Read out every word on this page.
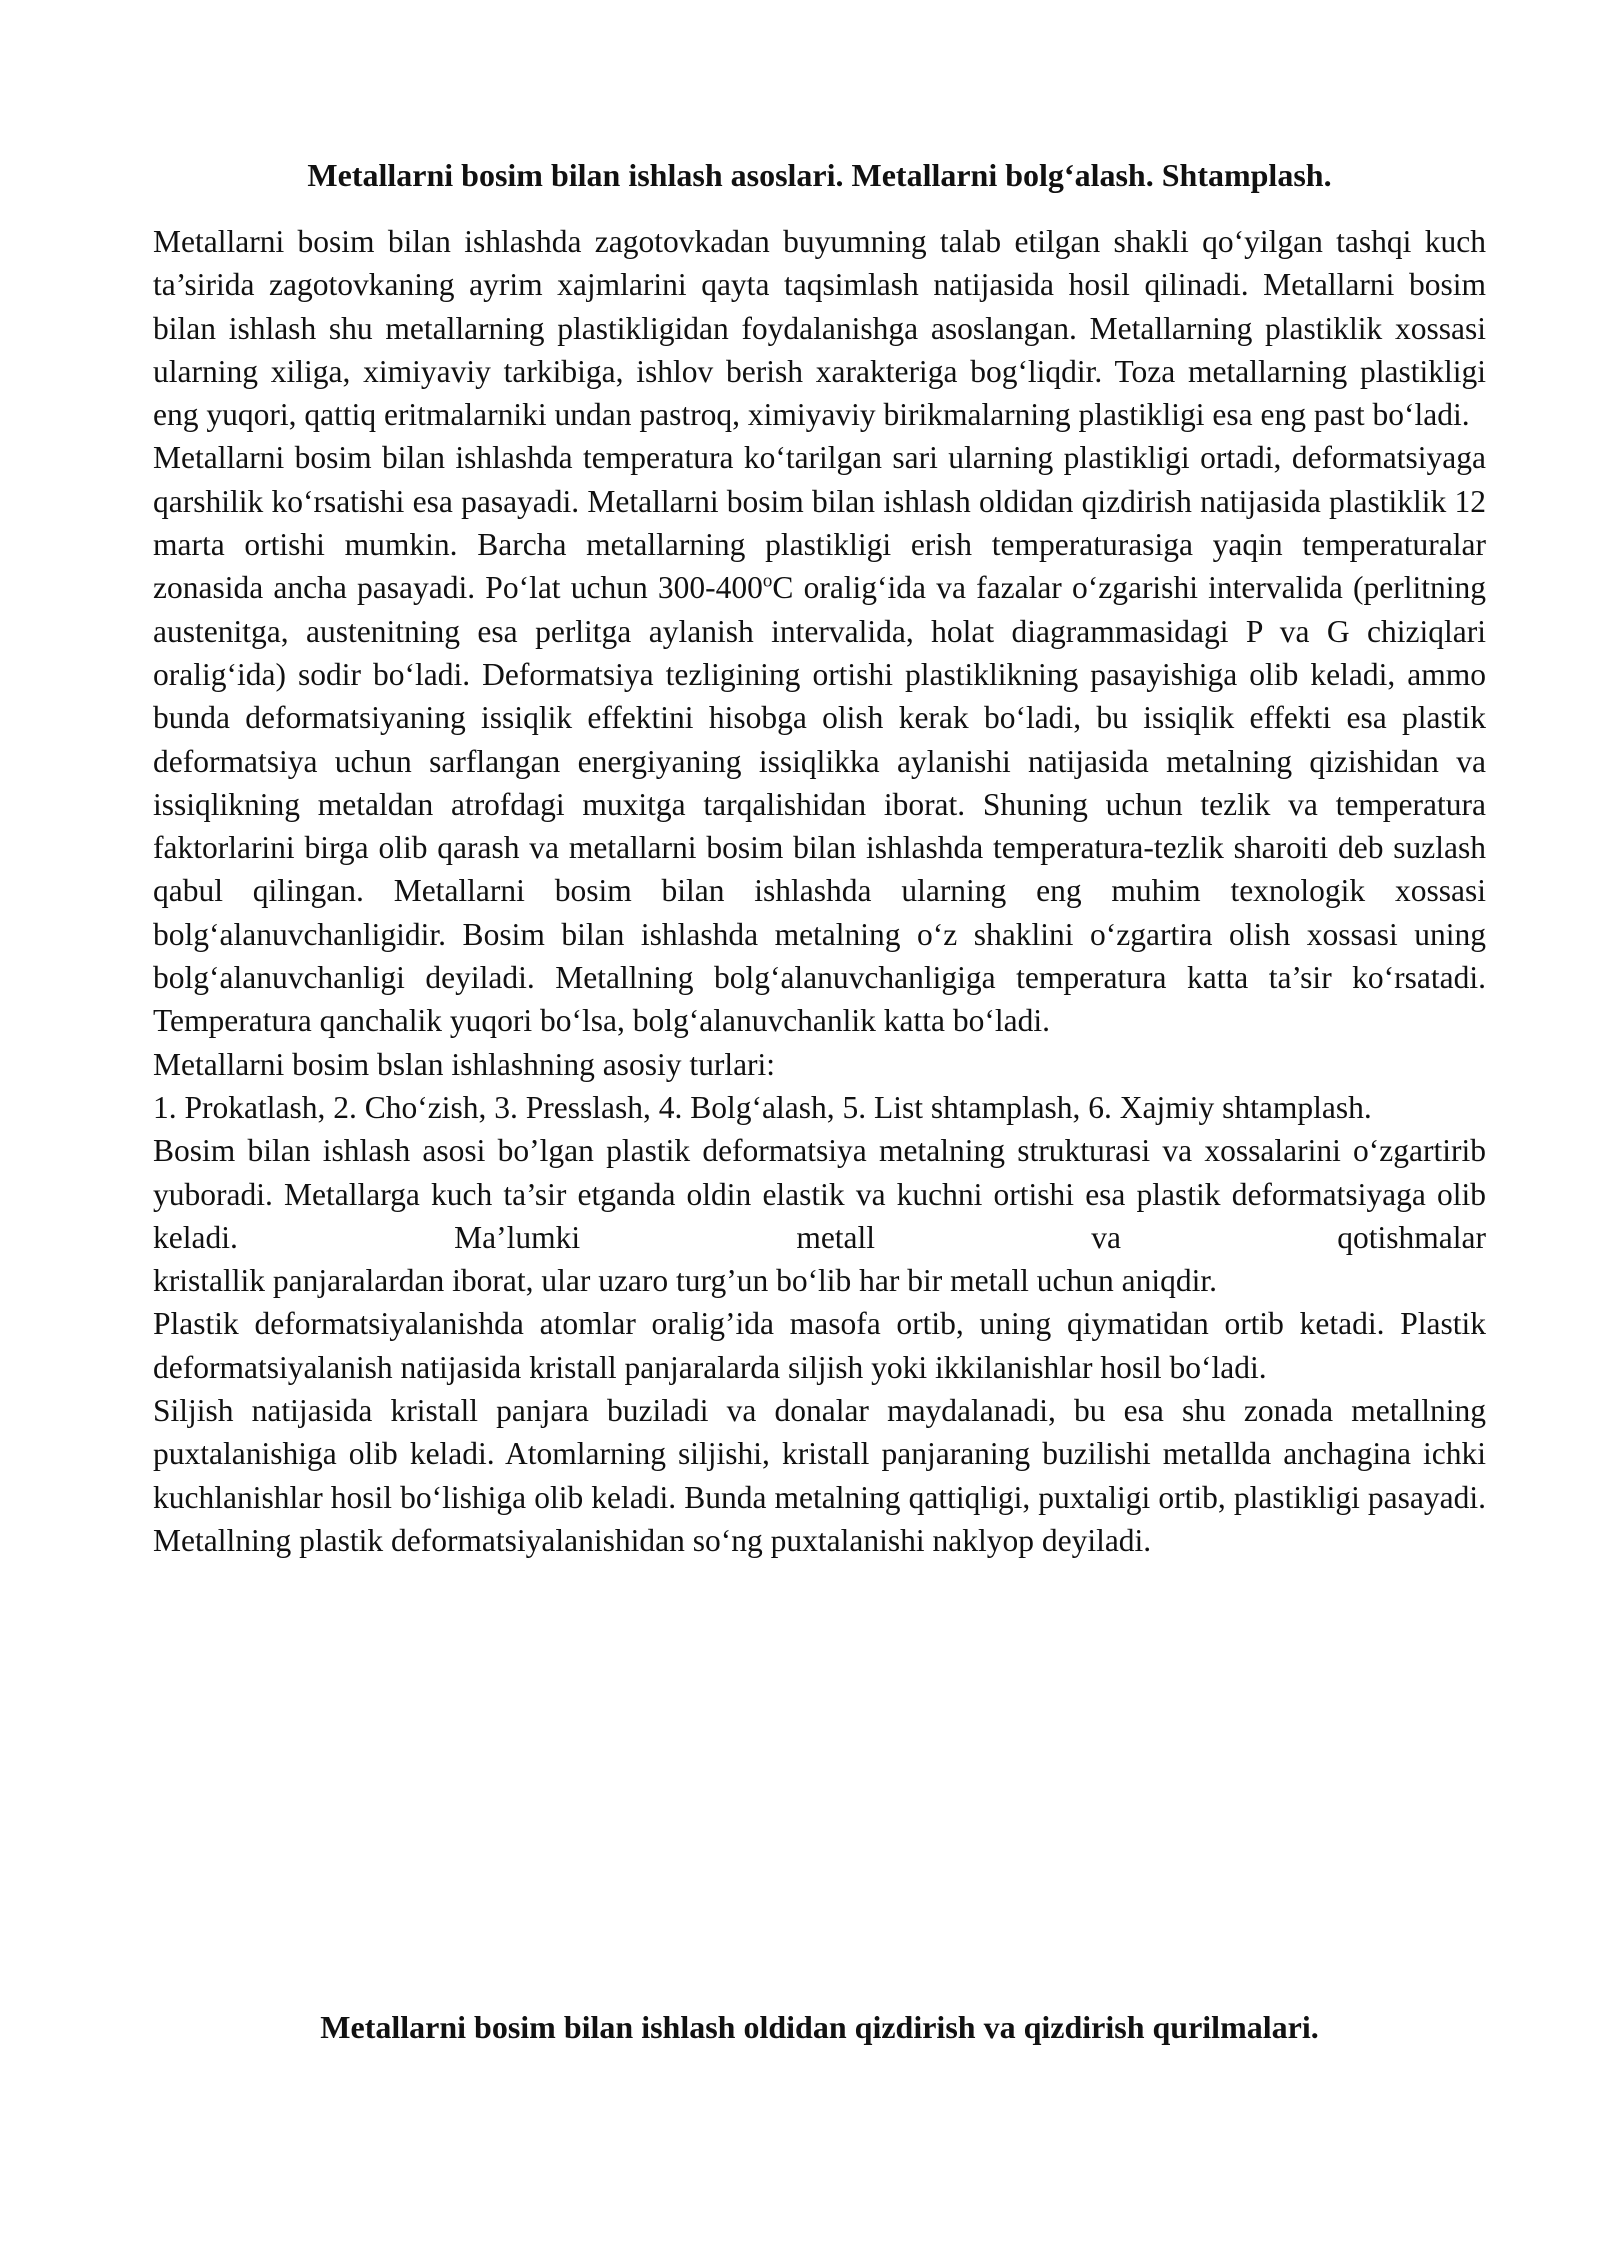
Metallarni bosim bilan ishlash asoslari. Metallarni bolg‘alash. Shtamplash.

Metallarni bosim bilan ishlashda zagotovkadan buyumning talab etilgan shakli qo‘yilgan tashqi kuch ta’sirida zagotovkaning ayrim xajmlarini qayta taqsimlash natijasida hosil qilinadi. Metallarni bosim bilan ishlash shu metallarning plastikligidan foydalanishga asoslangan. Metallarning plastiklik xossasi ularning xiliga, ximiyaviy tarkibiga, ishlov berish xarakteriga bog‘liqdir. Toza metallarning plastikligi eng yuqori, qattiq eritmalarniki undan pastroq, ximiyaviy birikmalarning plastikligi esa eng past bo‘ladi.

Metallarni bosim bilan ishlashda temperatura ko‘tarilgan sari ularning plastikligi ortadi, deformatsiyaga qarshilik ko‘rsatishi esa pasayadi. Metallarni bosim bilan ishlash oldidan qizdirish natijasida plastiklik 12 marta ortishi mumkin. Barcha metallarning plastikligi erish temperaturasiga yaqin temperaturalar zonasida ancha pasayadi. Po‘lat uchun 300-400$^o$C oralig‘ida va fazalar o‘zgarishi intervalida (perlitning austenitga, austenitning esa perlitga aylanish intervalida, holat diagrammasidagi P va G chiziqlari oralig‘ida) sodir bo‘ladi. Deformatsiya tezligining ortishi plastiklikning pasayishiga olib keladi, ammo bunda deformatsiyaning issiqlik effektini hisobga olish kerak bo‘ladi, bu issiqlik effekti esa plastik deformatsiya uchun sarflangan energiyaning issiqlikka aylanishi natijasida metalning qizishidan va issiqlikning metaldan atrofdagi muxitga tarqalishidan iborat. Shuning uchun tezlik va temperatura faktorlarini birga olib qarash va metallarni bosim bilan ishlashda temperatura-tezlik sharoiti deb suzlash qabul qilingan. Metallarni bosim bilan ishlashda ularning eng muhim texnologik xossasi bolg‘alanuvchanligidir. Bosim bilan ishlashda metalning o‘z shaklini o‘zgartira olish xossasi uning bolg‘alanuvchanligi deyiladi. Metallning bolg‘alanuvchanligiga temperatura katta ta’sir ko‘rsatadi. Temperatura qanchalik yuqori bo‘lsa, bolg‘alanuvchanlik katta bo‘ladi.

Metallarni bosim bslan ishlashning asosiy turlari:

1. Prokatlash, 2. Cho‘zish, 3. Presslash, 4. Bolg‘alash, 5. List shtamplash, 6. Xajmiy shtamplash.

Bosim bilan ishlash asosi bo’lgan plastik deformatsiya metalning strukturasi va xossalarini o‘zgartirib yuboradi. Metallarga kuch ta’sir etganda oldin elastik va kuchni ortishi esa plastik deformatsiyaga olib keladi. Ma’lumki metall va qotishmalar

kristallik panjaralardan iborat, ular uzaro turg’un bo‘lib har bir metall uchun aniqdir.

Plastik deformatsiyalanishda atomlar oralig’ida masofa ortib, uning qiymatidan ortib ketadi. Plastik deformatsiyalanish natijasida kristall panjaralarda siljish yoki ikkilanishlar hosil bo‘ladi.

Siljish natijasida kristall panjara buziladi va donalar maydalanadi, bu esa shu zonada metallning puxtalanishiga olib keladi. Atomlarning siljishi, kristall panjaraning buzilishi metallda anchagina ichki kuchlanishlar hosil bo‘lishiga olib keladi. Bunda metalning qattiqligi, puxtaligi ortib, plastikligi pasayadi. Metallning plastik deformatsiyalanishidan so‘ng puxtalanishi naklyop deyiladi.

Metallarni bosim bilan ishlash oldidan qizdirish va qizdirish qurilmalari.
